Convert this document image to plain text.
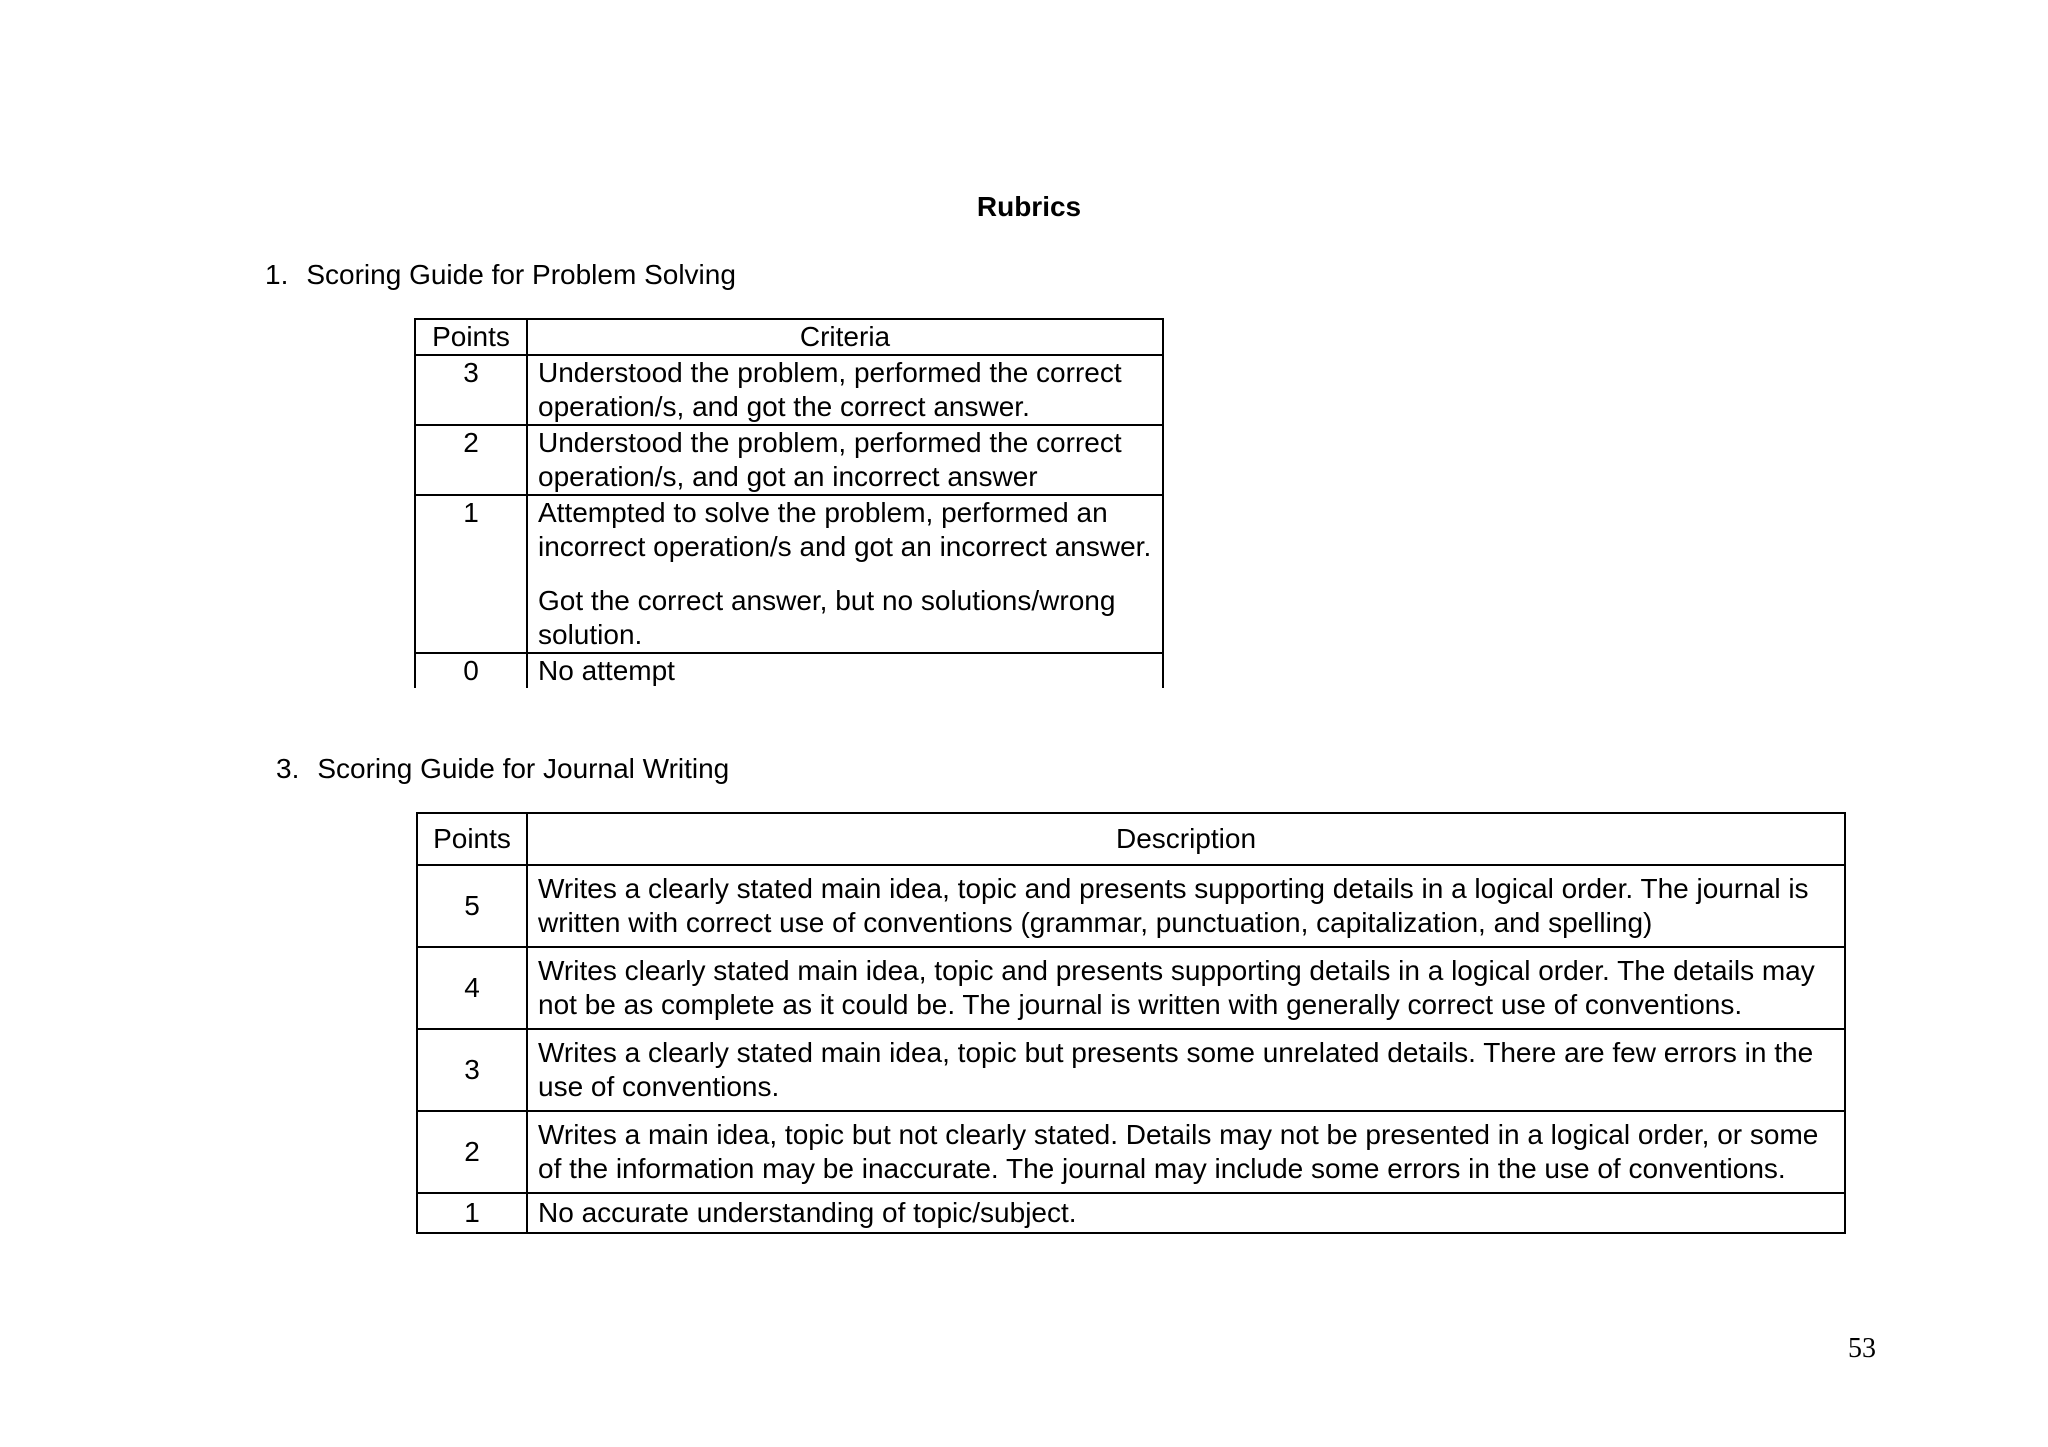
Rubrics
1. Scoring Guide for Problem Solving
Points	Criteria
3	Understood the problem, performed the correct operation/s, and got the correct answer.
2	Understood the problem, performed the correct operation/s, and got an incorrect answer
1	Attempted to solve the problem, performed an incorrect operation/s and got an incorrect answer.
Got the correct answer, but no solutions/wrong solution.

0	No attempt
3. Scoring Guide for Journal Writing
Points	Description
5	Writes a clearly stated main idea, topic and presents supporting details in a logical order. The journal is written with correct use of conventions (grammar, punctuation, capitalization, and spelling)
4	Writes clearly stated main idea, topic and presents supporting details in a logical order. The details may not be as complete as it could be. The journal is written with generally correct use of conventions.
3	Writes a clearly stated main idea, topic but presents some unrelated details. There are few errors in the use of conventions.
2	Writes a main idea, topic but not clearly stated. Details may not be presented in a logical order, or some of the information may be inaccurate. The journal may include some errors in the use of conventions.
1	No accurate understanding of topic/subject.
53
